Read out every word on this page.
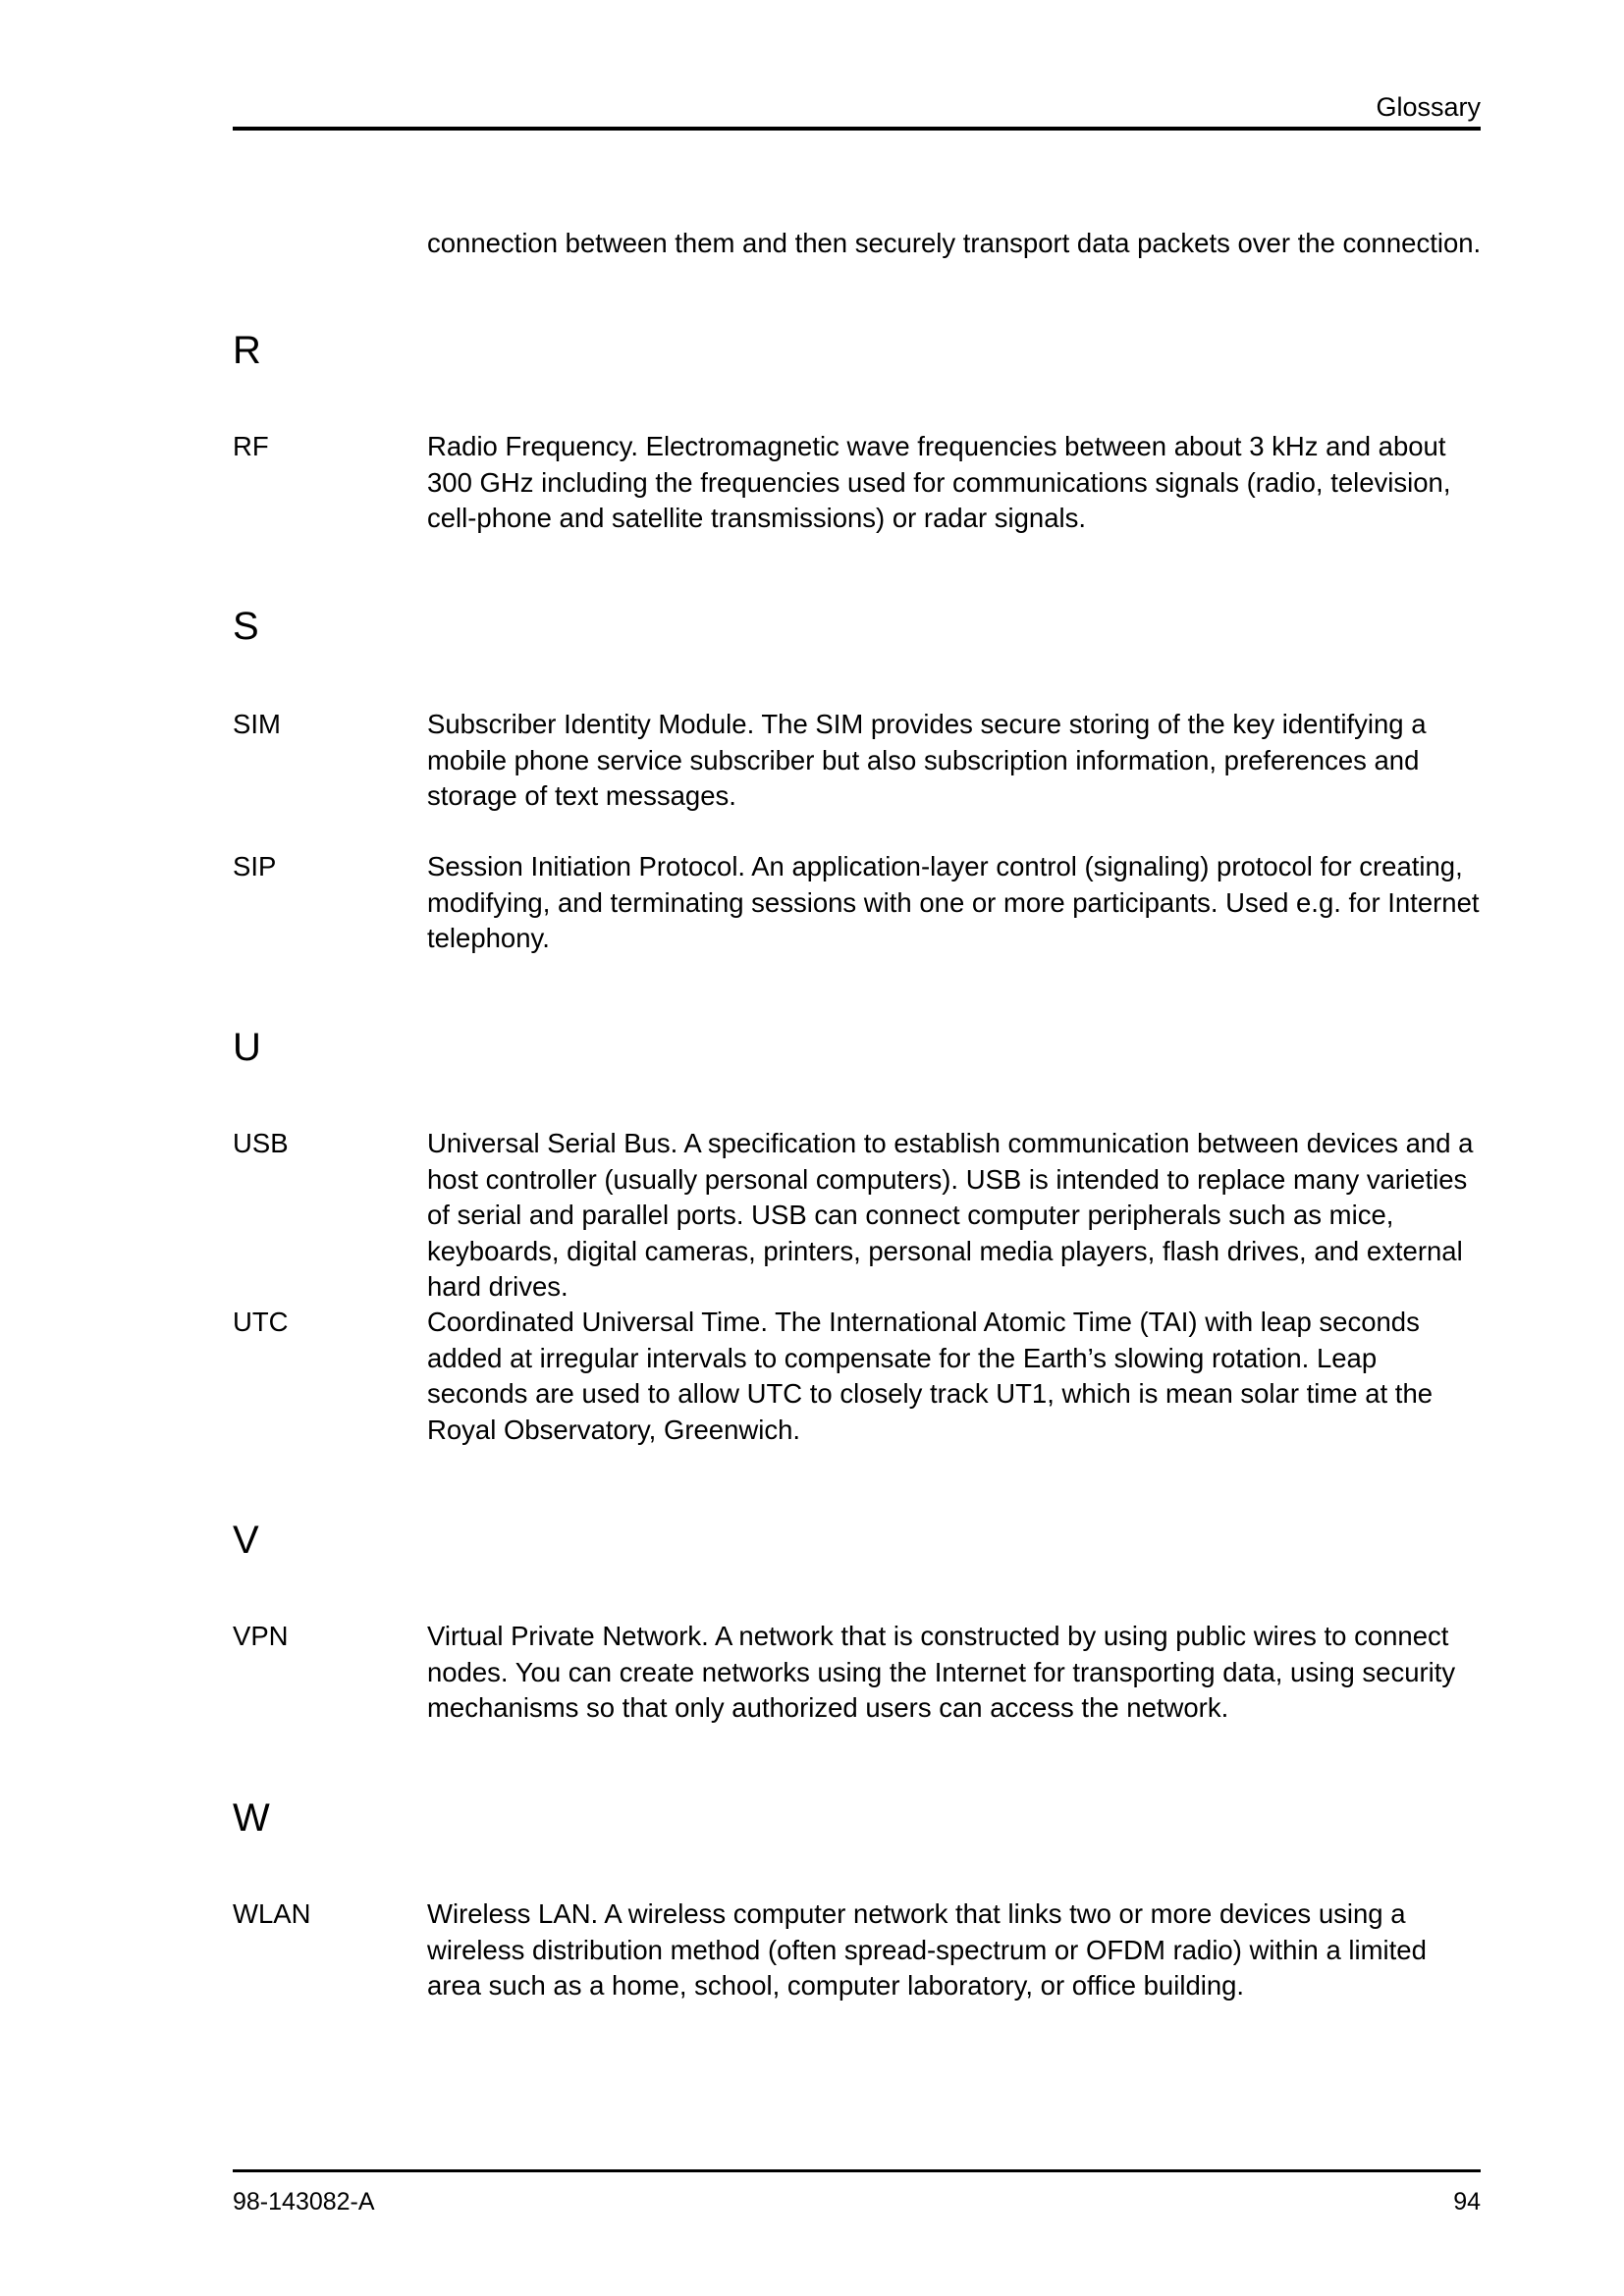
Glossary
connection between them and then securely transport data packets over the connection.
R
RF	Radio Frequency. Electromagnetic wave frequencies between about 3 kHz and about 300 GHz including the frequencies used for communications signals (radio, television, cell-phone and satellite transmissions) or radar signals.
S
SIM	Subscriber Identity Module. The SIM provides secure storing of the key identifying a mobile phone service subscriber but also subscription information, preferences and storage of text messages.
SIP	Session Initiation Protocol. An application-layer control (signaling) protocol for creating, modifying, and terminating sessions with one or more participants. Used e.g. for Internet telephony.
U
USB	Universal Serial Bus. A specification to establish communication between devices and a host controller (usually personal computers). USB is intended to replace many varieties of serial and parallel ports. USB can connect computer peripherals such as mice, keyboards, digital cameras, printers, personal media players, flash drives, and external hard drives.
UTC	Coordinated Universal Time. The International Atomic Time (TAI) with leap seconds added at irregular intervals to compensate for the Earth’s slowing rotation. Leap seconds are used to allow UTC to closely track UT1, which is mean solar time at the Royal Observatory, Greenwich.
V
VPN	Virtual Private Network. A network that is constructed by using public wires to connect nodes. You can create networks using the Internet for transporting data, using security mechanisms so that only authorized users can access the network.
W
WLAN	Wireless LAN. A wireless computer network that links two or more devices using a wireless distribution method (often spread-spectrum or OFDM radio) within a limited area such as a home, school, computer laboratory, or office building.
98-143082-A	94
